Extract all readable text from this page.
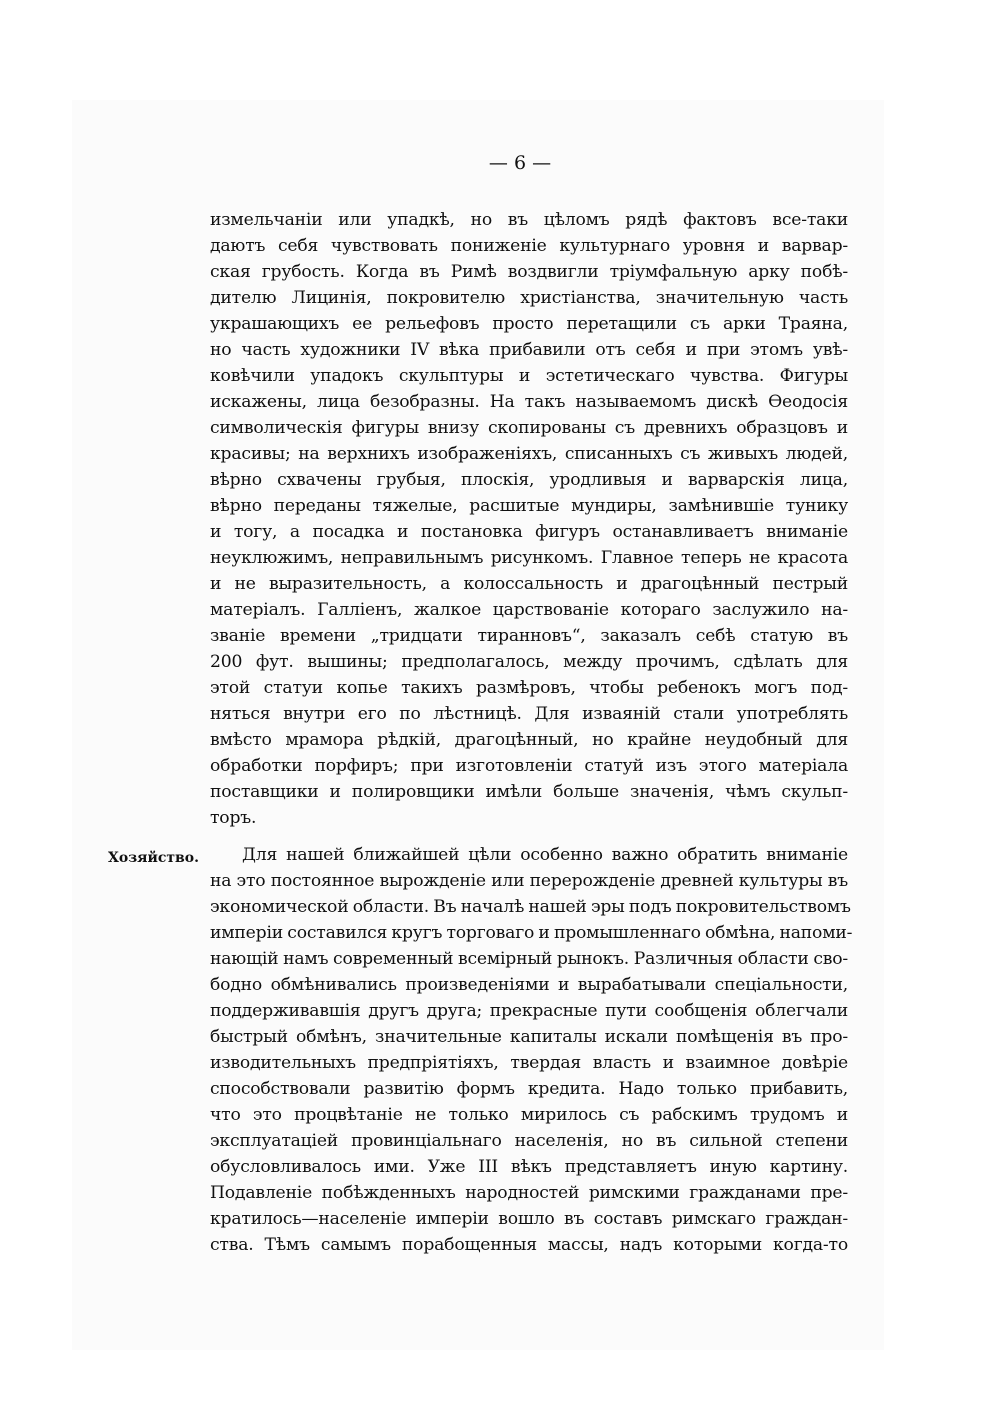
— 6 —
Хозяйство.
измельчанiи или упадкѣ, но въ цѣломъ рядѣ фактовъ все-таки
даютъ себя чувствовать пониженiе культурнаго уровня и варвар-
ская грубость. Когда въ Римѣ воздвигли трiумфальную арку побѣ-
дителю Лицинiя, покровителю христiанства, значительную часть
украшающихъ ее рельефовъ просто перетащили съ арки Траяна,
но часть художники IV вѣка прибавили отъ себя и при этомъ увѣ-
ковѣчили упадокъ скульптуры и эстетическаго чувства. Фигуры
искажены, лица безобразны. На такъ называемомъ дискѣ Ѳеодосiя
символическiя фигуры внизу скопированы съ древнихъ образцовъ и
красивы; на верхнихъ изображенiяхъ, списанныхъ съ живыхъ людей,
вѣрно схвачены грубыя, плоскiя, уродливыя и варварскiя лица,
вѣрно переданы тяжелые, расшитые мундиры, замѣнившiе тунику
и тогу, а посадка и постановка фигуръ останавливаетъ вниманiе
неуклюжимъ, неправильнымъ рисункомъ. Главное теперь не красота
и не выразительность, а колоссальность и драгоцѣнный пестрый
матерiалъ. Галлiенъ, жалкое царствованiе котораго заслужило на-
званiе времени „тридцати тиранновъ“, заказалъ себѣ статую въ
200 фут. вышины; предполагалось, между прочимъ, сдѣлать для
этой статуи копье такихъ размѣровъ, чтобы ребенокъ могъ под-
няться внутри его по лѣстницѣ. Для изваянiй стали употреблять
вмѣсто мрамора рѣдкiй, драгоцѣнный, но крайне неудобный для
обработки порфиръ; при изготовленiи статуй изъ этого матерiала
поставщики и полировщики имѣли больше значенiя, чѣмъ скульп-
торъ.
Для нашей ближайшей цѣли особенно важно обратить вниманiе
на это постоянное вырожденiе или перерожденiе древней культуры въ
экономической области. Въ началѣ нашей эры подъ покровительствомъ
имперiи составился кругъ торговаго и промышленнаго обмѣна, напоми-
нающiй намъ современный всемiрный рынокъ. Различныя области сво-
бодно обмѣнивались произведенiями и вырабатывали спецiальности,
поддерживавшiя другъ друга; прекрасные пути сообщенiя облегчали
быстрый обмѣнъ, значительные капиталы искали помѣщенiя въ про-
изводительныхъ предпрiятiяхъ, твердая власть и взаимное довѣрiе
способствовали развитiю формъ кредита. Надо только прибавить,
что это процвѣтанiе не только мирилось съ рабскимъ трудомъ и
эксплуатацiей провинцiальнаго населенiя, но въ сильной степени
обусловливалось ими. Уже III вѣкъ представляетъ иную картину.
Подавленiе побѣжденныхъ народностей римскими гражданами пре-
кратилось—населенiе имперiи вошло въ составъ римскаго граждан-
ства. Тѣмъ самымъ порабощенныя массы, надъ которыми когда-то
